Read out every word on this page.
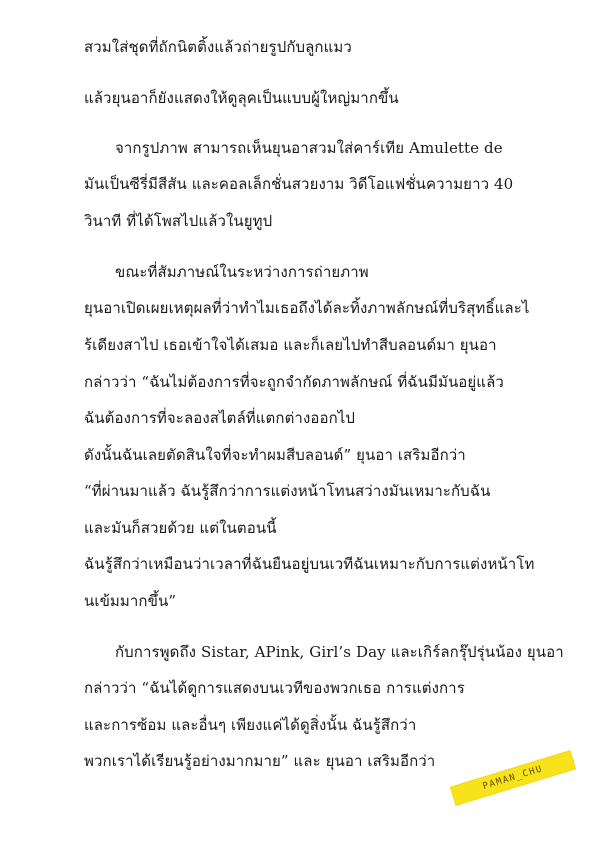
สวมใส่ชุดที่ถักนิตติ้งแล้วถ่ายรูปกับลูกแมว
แล้วยุนอาก็ยังแสดงให้ดูลุคเป็นแบบผู้ใหญ่มากขึ้น
จากรูปภาพ สามารถเห็นยุนอาสวมใส่คาร์เทีย Amulette de
มันเป็นซีรี่มีสีสัน และคอลเล็กชั่นสวยงาม วิดีโอแฟชั่นความยาว 40
วินาที ที่ได้โพสไปแล้วในยูทูป
ขณะที่สัมภาษณ์ในระหว่างการถ่ายภาพ
ยุนอาเปิดเผยเหตุผลที่ว่าทำไมเธอถึงได้ละทิ้งภาพลักษณ์ที่บริสุทธิ์และไ
ร้เดียงสาไป เธอเข้าใจได้เสมอ และก็เลยไปทำสีบลอนด์มา ยุนอา
กล่าวว่า “ฉันไม่ต้องการที่จะถูกจำกัดภาพลักษณ์ ที่ฉันมีมันอยู่แล้ว
ฉันต้องการที่จะลองสไตล์ที่แตกต่างออกไป
ดังนั้นฉันเลยตัดสินใจที่จะทำผมสีบลอนด์” ยุนอา เสริมอีกว่า
“ที่ผ่านมาแล้ว ฉันรู้สึกว่าการแต่งหน้าโทนสว่างมันเหมาะกับฉัน
และมันก็สวยด้วย แต่ในตอนนี้
ฉันรู้สึกว่าเหมือนว่าเวลาที่ฉันยืนอยู่บนเวทีฉันเหมาะกับการแต่งหน้าโท
นเข้มมากขึ้น”
กับการพูดถึง Sistar, APink, Girl’s Day และเกิร์ลกรุ๊ปรุ่นน้อง ยุนอา
กล่าวว่า “ฉันได้ดูการแสดงบนเวทีของพวกเธอ การแต่งการ
และการซ้อม และอื่นๆ เพียงแค่ได้ดูสิ่งนั้น ฉันรู้สึกว่า
พวกเราได้เรียนรู้อย่างมากมาย” และ ยุนอา เสริมอีกว่า
PAMAN_CHU
